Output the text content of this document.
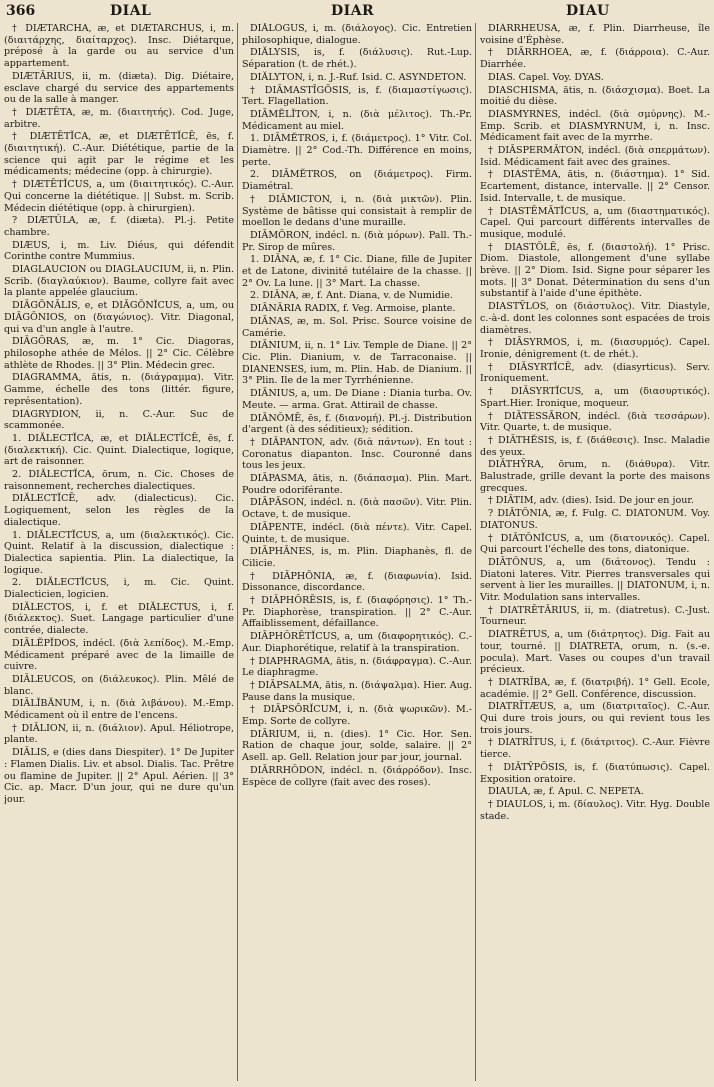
366	DIAL	DIAR	DIAU

† DIÆTARCHA, æ, et DIÆTARCHUS, i, m. (διαιτάρχης, διαίταρχος). Insc. Diétarque, préposé à la garde ou au service d'un appartement.

DIÆTĀRIUS, ii, m. (diæta). Dig. Diétaire, esclave chargé du service des appartements ou de la salle à manger.

† DIÆTĒTA, æ, m. (διαιτητής). Cod. Juge, arbitre.

† DIÆTĒTĬCA, æ, et DIÆTĒTĬCĒ, ēs, f. (διαιτητική). C.-Aur. Diététique, partie de la science qui agit par le régime et les médicaments; médecine (opp. à chirurgie).

† DIÆTĒTĬCUS, a, um (διαιτητικός). C.-Aur. Qui concerne la diététique. || Subst. m. Scrib. Médecin diététique (opp. à chirurgien).

? DIÆTŬLA, æ, f. (diæta). Pl.-j. Petite chambre.

DIÆUS, i, m. Liv. Diéus, qui défendit Corinthe contre Mummius.

DIAGLAUCION ou DIAGLAUCIUM, ii, n. Plin. Scrib. (διαγλαύκιον). Baume, collyre fait avec la plante appelée glaucium.

DIĀGŌNĀLIS, e, et DIĀGŌNĬCUS, a, um, ou DIĀGŌNIOS, on (διαγώνιος). Vitr. Diagonal, qui va d'un angle à l'autre.

DIĀGŎRAS, æ, m. 1° Cic. Diagoras, philosophe athée de Mélos. || 2° Cic. Célèbre athlète de Rhodes. || 3° Plin. Médecin grec.

DIAGRAMMA, ătis, n. (διάγραμμα). Vitr. Gamme, échelle des tons (littér. figure, représentation).

DIAGRYDION, ii, n. C.-Aur. Suc de scammonée.

1. DIĂLECTĬCA, æ, et DIĂLECTĬCĒ, ēs, f. (διαλεκτική). Cic. Quint. Dialectique, logique, art de raisonner.

2. DIĂLECTĬCA, ōrum, n. Cic. Choses de raisonnement, recherches dialectiques.

DIĂLECTĬCĒ, adv. (dialecticus). Cic. Logiquement, selon les règles de la dialectique.

1. DIĂLECTĬCUS, a, um (διαλεκτικός). Cic. Quint. Relatif à la discussion, dialectique : Dialectica sapientia. Plin. La dialectique, la logique.

2. DIĂLECTĬCUS, i, m. Cic. Quint. Dialecticien, logicien.

DIĂLECTOS, i, f. et DIĂLECTUS, i, f. (διάλεκτος). Suet. Langage particulier d'une contrée, dialecte.

DIĀLĔPĬDOS, indécl. (διὰ λεπίδος). M.-Emp. Médicament préparé avec de la limaille de cuivre.

DIĀLEUCOS, on (διάλευκος). Plin. Mêlé de blanc.

DIĀLĬBĂNUM, i, n. (διὰ λιβάνου). M.-Emp. Médicament où il entre de l'encens.

† DIĀLION, ii, n. (διάλιον). Apul. Héliotrope, plante.

DIĀLIS, e (dies dans Diespiter). 1° De Jupiter : Flamen Dialis. Liv. et absol. Dialis. Tac. Prêtre ou flamine de Jupiter. || 2° Apul. Aérien. || 3° Cic. ap. Macr. D'un jour, qui ne dure qu'un jour.

DIĂLŎGUS, i, m. (διάλογος). Cic. Entretien philosophique, dialogue.

DIĂLYSIS, is, f. (διάλυσις). Rut.-Lup. Séparation (t. de rhét.).

DIĂLYTON, i, n. J.-Ruf. Isid. C. ASYNDETON.

† DIĀMASTĪGŌSIS, is, f. (διαμαστίγωσις). Tert. Flagellation.

DIĀMĔLĬTON, i, n. (διὰ μέλιτος). Th.-Pr. Médicament au miel.

1. DIĀMĔTROS, i, f. (διάμετρος). 1° Vitr. Col. Diamètre. || 2° Cod.-Th. Différence en moins, perte.

2. DIĀMĔTROS, on (διάμετρος). Firm. Diamétral.

† DIĀMICTON, i, n. (διὰ μικτῶν). Plin. Système de bâtisse qui consistait à remplir de moellon le dedans d'une muraille.

DIĀMŌRON, indécl. n. (διὰ μόρων). Pall. Th.-Pr. Sirop de mûres.

1. DIĀNA, æ, f. 1° Cic. Diane, fille de Jupiter et de Latone, divinité tutélaire de la chasse. || 2° Ov. La lune. || 3° Mart. La chasse.

2. DIĀNA, æ, f. Ant. Diana, v. de Numidie.

DIĀNĀRIA RADIX, f. Veg. Armoise, plante.

DIĀNAS, æ, m. Sol. Prisc. Source voisine de Camérie.

DIĀNIUM, ii, n. 1° Liv. Temple de Diane. || 2° Cic. Plin. Dianium, v. de Tarraconaise. || DIANENSES, ium, m. Plin. Hab. de Dianium. || 3° Plin. Ile de la mer Tyrrhénienne.

DIĀNIUS, a, um. De Diane : Dianiа turba. Ov. Meute. — arma. Grat. Attirail de chasse.

DIĀNŎMĒ, ēs, f. (διανομή). Pl.-j. Distribution d'argent (à des séditieux); sédition.

† DIĀPANTON, adv. (διὰ πάντων). En tout : Coronatus diapanton. Insc. Couronné dans tous les jeux.

DIĀPASMA, ătis, n. (διάπασμα). Plin. Mart. Poudre odoriférante.

DIĀPĀSON, indécl. n. (διὰ πασῶν). Vitr. Plin. Octave, t. de musique.

DIĀPENTE, indécl. (διὰ πέντε). Vitr. Capel. Quinte, t. de musique.

DIĀPHĀNES, is, m. Plin. Diaphanès, fl. de Cilicie.

† DIĀPHŌNIA, æ, f. (διαφωνία). Isid. Dissonance, discordance.

† DIĀPHŎRĒSIS, is, f. (διαφόρησις). 1° Th.-Pr. Diaphorèse, transpiration. || 2° C.-Aur. Affaiblissement, défaillance.

DIĀPHŎRĒTĬCUS, a, um (διαφορητικός). C.-Aur. Diaphorétique, relatif à la transpiration.

† DIAPHRAGMA, ătis, n. (διάφραγμα). C.-Aur. Le diaphragme.

† DIĀPSALMA, ătis, n. (διάψαλμα). Hier. Aug. Pause dans la musique.

† DIĀPSŌRĬCUM, i, n. (διὰ ψωρικῶν). M.-Emp. Sorte de collyre.

DIĀRIUM, ii, n. (dies). 1° Cic. Hor. Sen. Ration de chaque jour, solde, salaire. || 2° Asell. ap. Gell. Relation jour par jour, journal.

DIĀRRHŎDON, indécl. n. (διάρρόδον). Insc. Espèce de collyre (fait avec des roses).

DIĀRRHEŪSA, æ, f. Plin. Diarrheuse, île voisine d'Éphèse.

† DIĀRRHOEA, æ, f. (διάρροια). C.-Aur. Diarrhée.

DIAS. Capel. Voy. DYAS.

DIASCHISMA, ătis, n. (διάσχισμα). Boet. La moitié du dièse.

DIASMYRNES, indécl. (διὰ σμύρνης). M.-Emp. Scrib. et DIASMYRNUM, i, n. Insc. Médicament fait avec de la myrrhe.

† DIĀSPERMĀTON, indécl. (διὰ σπερμάτων). Isid. Médicament fait avec des graines.

† DIASTĒMA, ătis, n. (διάστημα). 1° Sid. Ecartement, distance, intervalle. || 2° Censor. Isid. Intervalle, t. de musique.

† DIASTĒMĀTĬCUS, a, um (διαστηματικός). Capel. Qui parcourt différents intervalles de musique, modulé.

† DIASTŎLĒ, ēs, f. (διαστολή). 1° Prisc. Diom. Diastole, allongement d'une syllabe brève. || 2° Diom. Isid. Signe pour séparer les mots. || 3° Donat. Détermination du sens d'un substantif à l'aide d'une épithète.

DIASTȲLOS, on (διάστυλος). Vitr. Diastyle, c.-à-d. dont les colonnes sont espacées de trois diamètres.

† DIĀSYRMOS, i, m. (διασυρμός). Capel. Ironie, dénigrement (t. de rhét.).

† DIĀSYRTĬCĒ, adv. (diasyrticus). Serv. Ironiquement.

† DIĀSYRTĬCUS, a, um (διασυρτικός). Spart.Hier. Ironique, moqueur.

† DIĀTESSĀRON, indécl. (διὰ τεσσάρων). Vitr. Quarte, t. de musique.

† DIĀTHĔSIS, is, f. (διάθεσις). Insc. Maladie des yeux.

DIĀTHȲRA, ōrum, n. (διάθυρα). Vitr. Balustrade, grille devant la porte des maisons grecques.

† DIĀTIM, adv. (dies). Isid. De jour en jour.

? DIĀTŎNIA, æ, f. Fulg. C. DIATONUM. Voy. DIATONUS.

† DIĀTŎNĬCUS, a, um (διατονικός). Capel. Qui parcourt l'échelle des tons, diatonique.

DIĀTŎNUS, a, um (διάτονος). Tendu : Diatoni lateres. Vitr. Pierres transversales qui servent à lier les murailles. || DIATONUM, i, n. Vitr. Modulation sans intervalles.

† DIATRĒTĀRIUS, ii, m. (diatretus). C.-Just. Tourneur.

DIATRĒTUS, a, um (διάτρητος). Dig. Fait au tour, tourné. || DIATRETA, orum, n. (s.-e. pocula). Mart. Vases ou coupes d'un travail précieux.

† DIATRĪBA, æ, f. (διατριβή). 1° Gell. Ecole, académie. || 2° Gell. Conférence, discussion.

DIATRĪTÆUS, a, um (διατριταῖος). C.-Aur. Qui dure trois jours, ou qui revient tous les trois jours.

† DIATRĪTUS, i, f. (διάτριτος). C.-Aur. Fièvre tierce.

† DIĀTȲPŌSIS, is, f. (διατύπωσις). Capel. Exposition oratoire.

DIAULA, æ, f. Apul. C. NEPETA.

† DIAULOS, i, m. (δίαυλος). Vitr. Hyg. Double stade.
